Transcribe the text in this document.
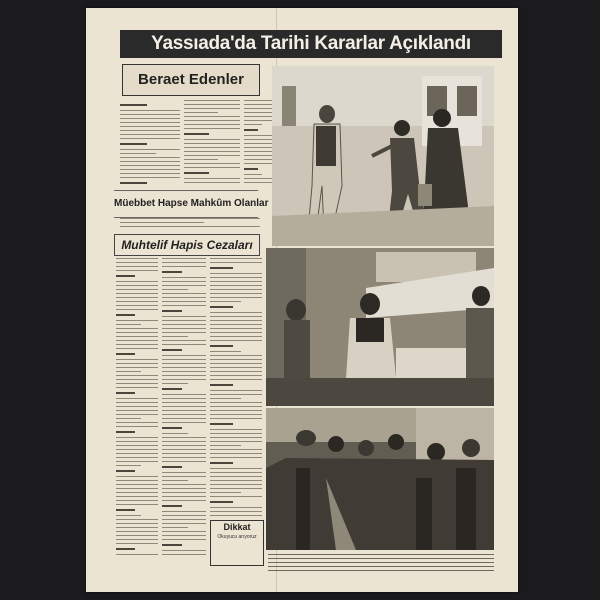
Yassıada'da Tarihi Kararlar Açıklandı
Beraet Edenler
Müebbet Hapse Mahkûm Olanlar
Muhtelif Hapis Cezaları
Dikkat
Okuyucu arıyoruz
